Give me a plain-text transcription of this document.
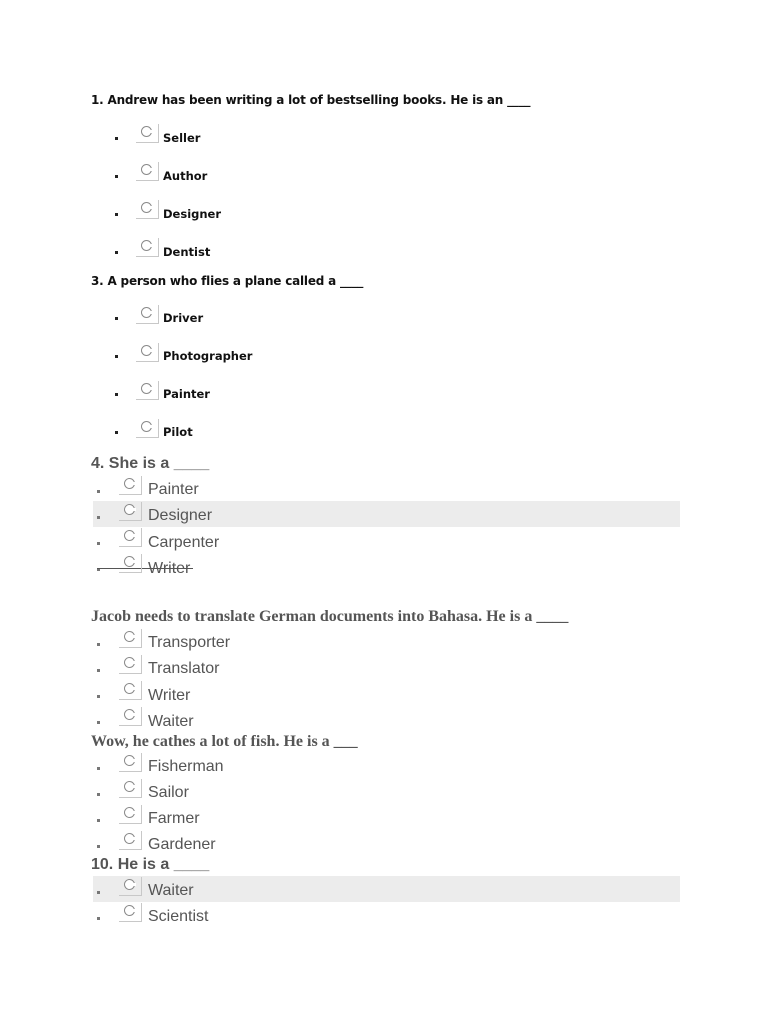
1. Andrew has been writing a lot of bestselling books. He is an ____
Seller
Author
Designer
Dentist
3. A person who flies a plane called a ____
Driver
Photographer
Painter
Pilot
4. She is a ____
Painter
Designer
Carpenter
Writer
Jacob needs to translate German documents into Bahasa. He is a ____
Transporter
Translator
Writer
Waiter
Wow, he cathes a lot of fish. He is a ___
Fisherman
Sailor
Farmer
Gardener
10. He is a ____
Waiter
Scientist
